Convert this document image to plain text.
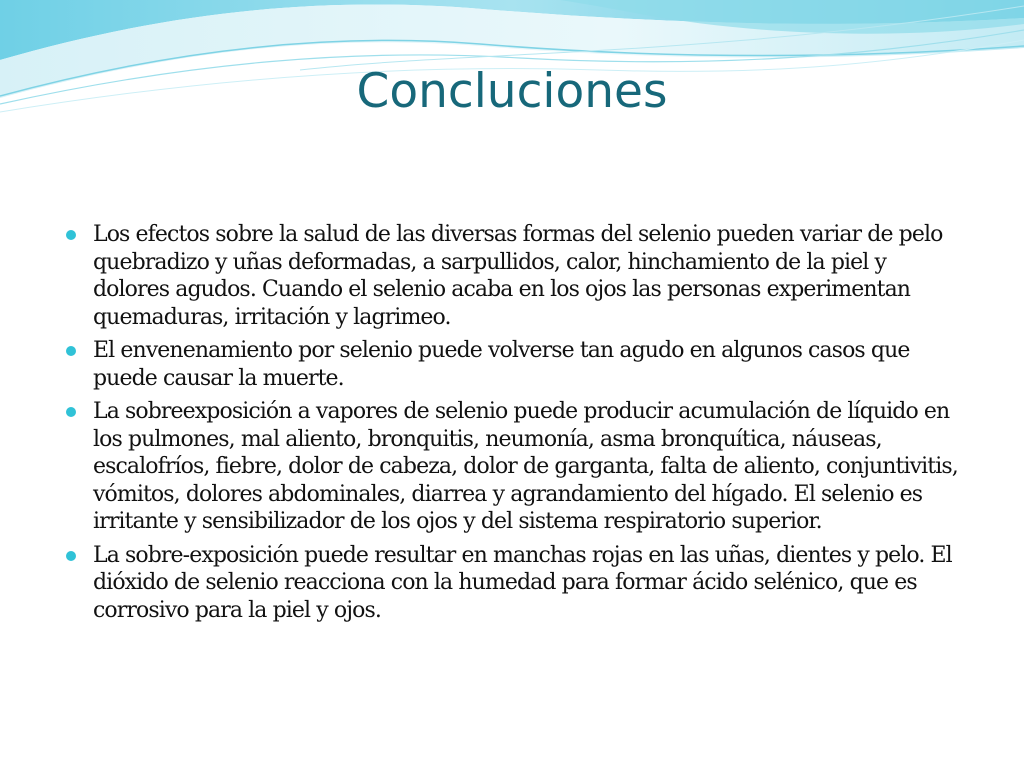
Concluciones
Los efectos sobre la salud de las diversas formas del selenio pueden variar de pelo quebradizo y uñas deformadas, a sarpullidos, calor, hinchamiento de la piel y dolores agudos. Cuando el selenio acaba en los ojos las personas experimentan quemaduras, irritación y lagrimeo.
El envenenamiento por selenio puede volverse tan agudo en algunos casos que puede causar la muerte.
La sobreexposición a vapores de selenio puede producir acumulación de líquido en los pulmones, mal aliento, bronquitis, neumonía, asma bronquítica, náuseas, escalofríos, fiebre, dolor de cabeza, dolor de garganta, falta de aliento, conjuntivitis, vómitos, dolores abdominales, diarrea y agrandamiento del hígado. El selenio es irritante y sensibilizador de los ojos y del sistema respiratorio superior.
La sobre-exposición puede resultar en manchas rojas en las uñas, dientes y pelo. El dióxido de selenio reacciona con la humedad para formar ácido selénico, que es corrosivo para la piel y ojos.
